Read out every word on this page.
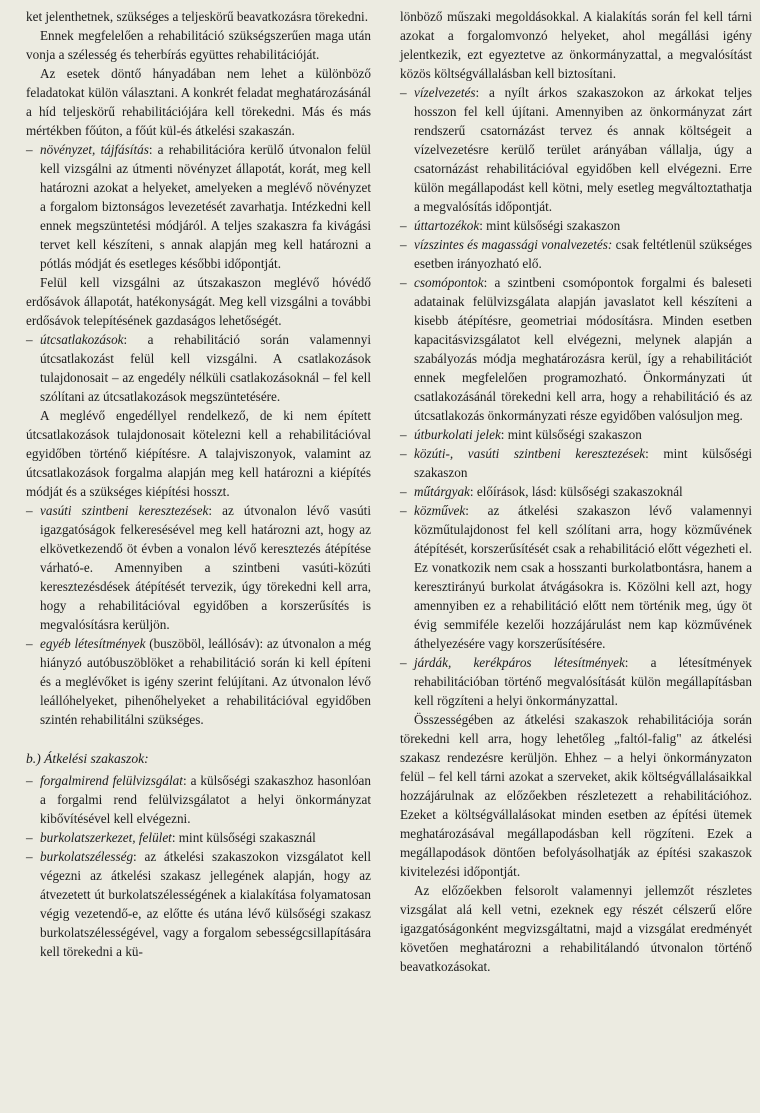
ket jelenthetnek, szükséges a teljeskörű beavatkozásra törekedni.

Ennek megfelelően a rehabilitáció szükségszerűen maga után vonja a szélesség és teherbírás együttes rehabilitációját.

Az esetek döntő hányadában nem lehet a különböző feladatokat külön választani. A konkrét feladat meghatározásánál a híd teljeskörű rehabilitációjára kell törekedni. Más és más mértékben főúton, a főút kül-és átkelési szakaszán.

– növényzet, tájfásítás: a rehabilitációra kerülő útvonalon felül kell vizsgálni az útmenti növényzet állapotát, korát, meg kell határozni azokat a helyeket, amelyeken a meglévő növényzet a forgalom biztonságos levezetését zavarhatja. Intézkedni kell ennek megszüntetési módjáról. A teljes szakaszra fa kivágási tervet kell készíteni, s annak alapján meg kell határozni a pótlás módját és esetleges későbbi időpontját.

Felül kell vizsgálni az útszakaszon meglévő hóvédő erdősávok állapotát, hatékonyságát. Meg kell vizsgálni a további erdősávok telepítésének gazdaságos lehetőségét.

– útcsatlakozások: a rehabilitáció során valamennyi útcsatlakozást felül kell vizsgálni. A csatlakozások tulajdonosait – az engedély nélküli csatlakozásoknál – fel kell szólítani az útcsatlakozások megszüntetésére.

A meglévő engedéllyel rendelkező, de ki nem épített útcsatlakozások tulajdonosait kötelezni kell a rehabilitációval egyidőben történő kiépítésre. A talajviszonyok, valamint az útcsatlakozások forgalma alapján meg kell határozni a kiépítés módját és a szükséges kiépítési hosszt.

– vasúti szintbeni keresztezések: az útvonalon lévő vasúti igazgatóságok felkeresésével meg kell határozni azt, hogy az elkövetkezendő öt évben a vonalon lévő keresztezés átépítése várható-e. Amennyiben a szintbeni vasúti-közúti keresztezésdések átépítését tervezik, úgy törekedni kell arra, hogy a rehabilitációval egyidőben a korszerűsítés is megvalósításra kerüljön.

– egyéb létesítmények (buszöböl, leállósáv): az útvonalon a még hiányzó autóbuszöblöket a rehabilitáció során ki kell építeni és a meglévőket is igény szerint felújítani. Az útvonalon lévő leállóhelyeket, pihenőhelyeket a rehabilitációval egyidőben szintén rehabilitálni szükséges.

b.) Átkelési szakaszok:

– forgalmirend felülvizsgálat: a külsőségi szakaszhoz hasonlóan a forgalmi rend felülvizsgálatot a helyi önkormányzat kibővítésével kell elvégezni.

– burkolatszerkezet, felület: mint külsőségi szakasznál

– burkolatszélesség: az átkelési szakaszokon vizsgálatot kell végezni az átkelési szakasz jellegének alapján, hogy az átvezetett út burkolatszélességének a kialakítása folyamatosan végig vezetendő-e, az előtte és utána lévő külsőségi szakasz burkolatszélességével, vagy a forgalom sebességcsillapítására kell törekedni a kü-

lönböző műszaki megoldásokkal. A kialakítás során fel kell tárni azokat a forgalomvonzó helyeket, ahol megállási igény jelentkezik, ezt egyeztetve az önkormányzattal, a megvalósítást közös költségvállalásban kell biztosítani.

– vízelvezetés: a nyílt árkos szakaszokon az árkokat teljes hosszon fel kell újítani. Amennyiben az önkormányzat zárt rendszerű csatornázást tervez és annak költségeit a vízelvezetésre kerülő terület arányában vállalja, úgy a csatornázást rehabilitációval egyidőben kell elvégezni. Erre külön megállapodást kell kötni, mely esetleg megváltoztathatja a megvalósítás időpontját.

– úttartozékok: mint külsőségi szakaszon

– vízszintes és magassági vonalvezetés: csak feltétlenül szükséges esetben irányozható elő.

– csomópontok: a szintbeni csomópontok forgalmi és baleseti adatainak felülvizsgálata alapján javaslatot kell készíteni a kisebb átépítésre, geometriai módosításra. Minden esetben kapacitásvizsgálatot kell elvégezni, melynek alapján a szabályozás módja meghatározásra kerül, így a rehabilitációt ennek megfelelően programozható. Önkormányzati út csatlakozásánál törekedni kell arra, hogy a rehabilitáció és az útcsatlakozás önkormányzati része egyidőben valósuljon meg.

– útburkolati jelek: mint külsőségi szakaszon

– közúti-, vasúti szintbeni keresztezések: mint külsőségi szakaszon

– műtárgyak: előírások, lásd: külsőségi szakaszoknál

– közművek: az átkelési szakaszon lévő valamennyi közműtulajdonost fel kell szólítani arra, hogy közművének átépítését, korszerűsítését csak a rehabilitáció előtt végezheti el. Ez vonatkozik nem csak a hosszanti burkolatbontásra, hanem a keresztirányú burkolat átvágásokra is. Közölni kell azt, hogy amennyiben ez a rehabilitáció előtt nem történik meg, úgy öt évig semmiféle kezelői hozzájárulást nem kap közművének áthelyezésére vagy korszerűsítésére.

– járdák, kerékpáros létesítmények: a létesítmények rehabilitációban történő megvalósítását külön megállapításban kell rögzíteni a helyi önkormányzattal.

Összességében az átkelési szakaszok rehabilitációja során törekedni kell arra, hogy lehetőleg „faltól-falig" az átkelési szakasz rendezésre kerüljön. Ehhez – a helyi önkormányzaton felül – fel kell tárni azokat a szerveket, akik költségvállalásaikkal hozzájárulnak az előzőekben részletezett a rehabilitációhoz. Ezeket a költségvállalásokat minden esetben az építési ütemek meghatározásával megállapodásban kell rögzíteni. Ezek a megállapodások döntően befolyásolhatják az építési szakaszok kivitelezési időpontját.

Az előzőekben felsorolt valamennyi jellemzőt részletes vizsgálat alá kell vetni, ezeknek egy részét célszerű előre igazgatóságonként megvizsgáltatni, majd a vizsgálat eredményét követően meghatározni a rehabilitálandó útvonalon történő beavatkozásokat.
